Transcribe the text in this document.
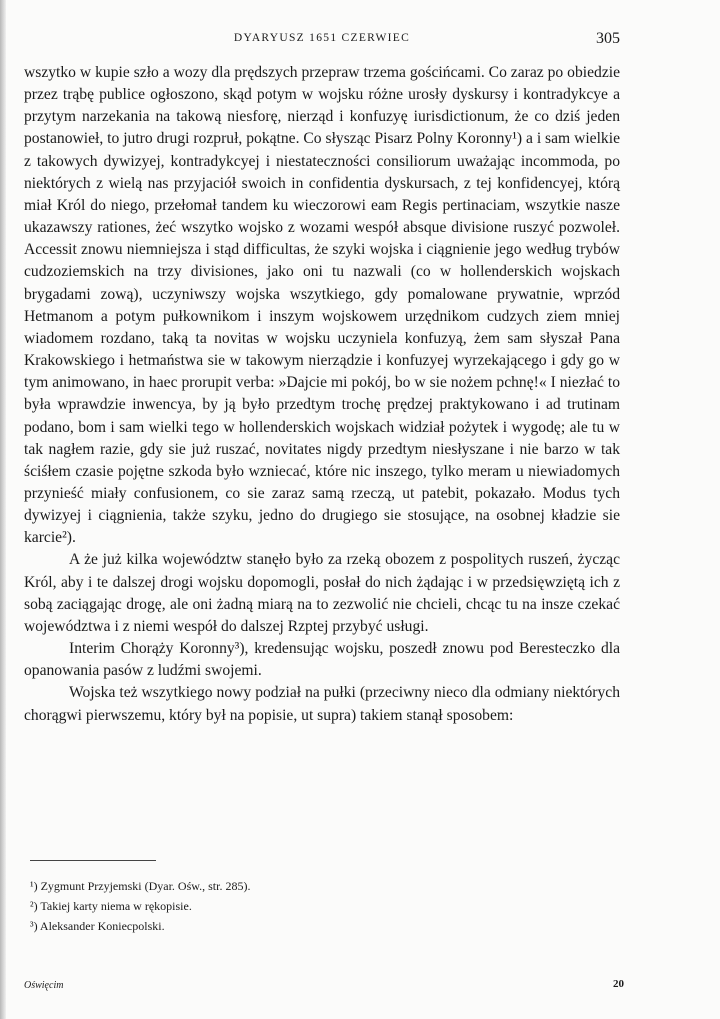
DYARYUSZ 1651 CZERWIEC	305

wszytko w kupie szło a wozy dla prędszych przepraw trzema gościńcami. Co zaraz po obiedzie przez trąbę publice ogłoszono, skąd potym w wojsku różne urosły dyskursy i kontradykcye a przytym narzekania na takową niesforę, nierząd i konfuzyę iurisdictionum, że co dziś jeden postanowieł, to jutro drugi rozpruł, pokątne. Co słysząc Pisarz Polny Koronny¹) a i sam wielkie z takowych dywizyej, kontradykcyej i niestateczności consiliorum uważając incommoda, po niektórych z wielą nas przyjaciół swoich in confidentia dyskursach, z tej konfidencyej, którą miał Król do niego, przełomał tandem ku wieczorowi eam Regis pertinaciam, wszytkie nasze ukazawszy rationes, żeć wszytko wojsko z wozami wespół absque divisione ruszyć pozwoleł. Accessit znowu niemniejsza i stąd difficultas, że szyki wojska i ciągnienie jego według trybów cudzoziemskich na trzy divisiones, jako oni tu nazwali (co w hollenderskich wojskach brygadami zową), uczyniwszy wojska wszytkiego, gdy pomalowane prywatnie, wprzód Hetmanom a potym pułkownikom i inszym wojskowem urzędnikom cudzych ziem mniej wiadomem rozdano, taką ta novitas w wojsku uczyniela konfuzyą, żem sam słyszał Pana Krakowskiego i hetmaństwa sie w takowym nierządzie i konfuzyej wyrzekającego i gdy go w tym animowano, in haec prorupit verba: »Dajcie mi pokój, bo w sie nożem pchnę!« I niezłać to była wprawdzie inwencya, by ją było przedtym trochę prędzej praktykowano i ad trutinam podano, bom i sam wielki tego w hollenderskich wojskach widział pożytek i wygodę; ale tu w tak nagłem razie, gdy sie już ruszać, novitates nigdy przedtym niesłyszane i nie barzo w tak ściśłem czasie pojętne szkoda było wzniecać, które nic inszego, tylko meram u niewiadomych przynieść miały confusionem, co sie zaraz samą rzeczą, ut patebit, pokazało. Modus tych dywizyej i ciągnienia, także szyku, jedno do drugiego sie stosujące, na osobnej kładzie sie karcie²).

A że już kilka województw stanęło było za rzeką obozem z pospolitych ruszeń, życząc Król, aby i te dalszej drogi wojsku dopomogli, posłał do nich żądając i w przedsięwziętą ich z sobą zaciągając drogę, ale oni żadną miarą na to zezwolić nie chcieli, chcąc tu na insze czekać województwa i z niemi wespół do dalszej Rzptej przybyć usługi.

Interim Chorąży Koronny³), kredensując wojsku, poszedł znowu pod Beresteczko dla opanowania pasów z ludźmi swojemi.

Wojska też wszytkiego nowy podział na pułki (przeciwny nieco dla odmiany niektórych chorągwi pierwszemu, który był na popisie, ut supra) takiem stanął sposobem:

¹) Zygmunt Przyjemski (Dyar. Ośw., str. 285).
²) Takiej karty niema w rękopisie.
³) Aleksander Koniecpolski.
Oświęcim	20
